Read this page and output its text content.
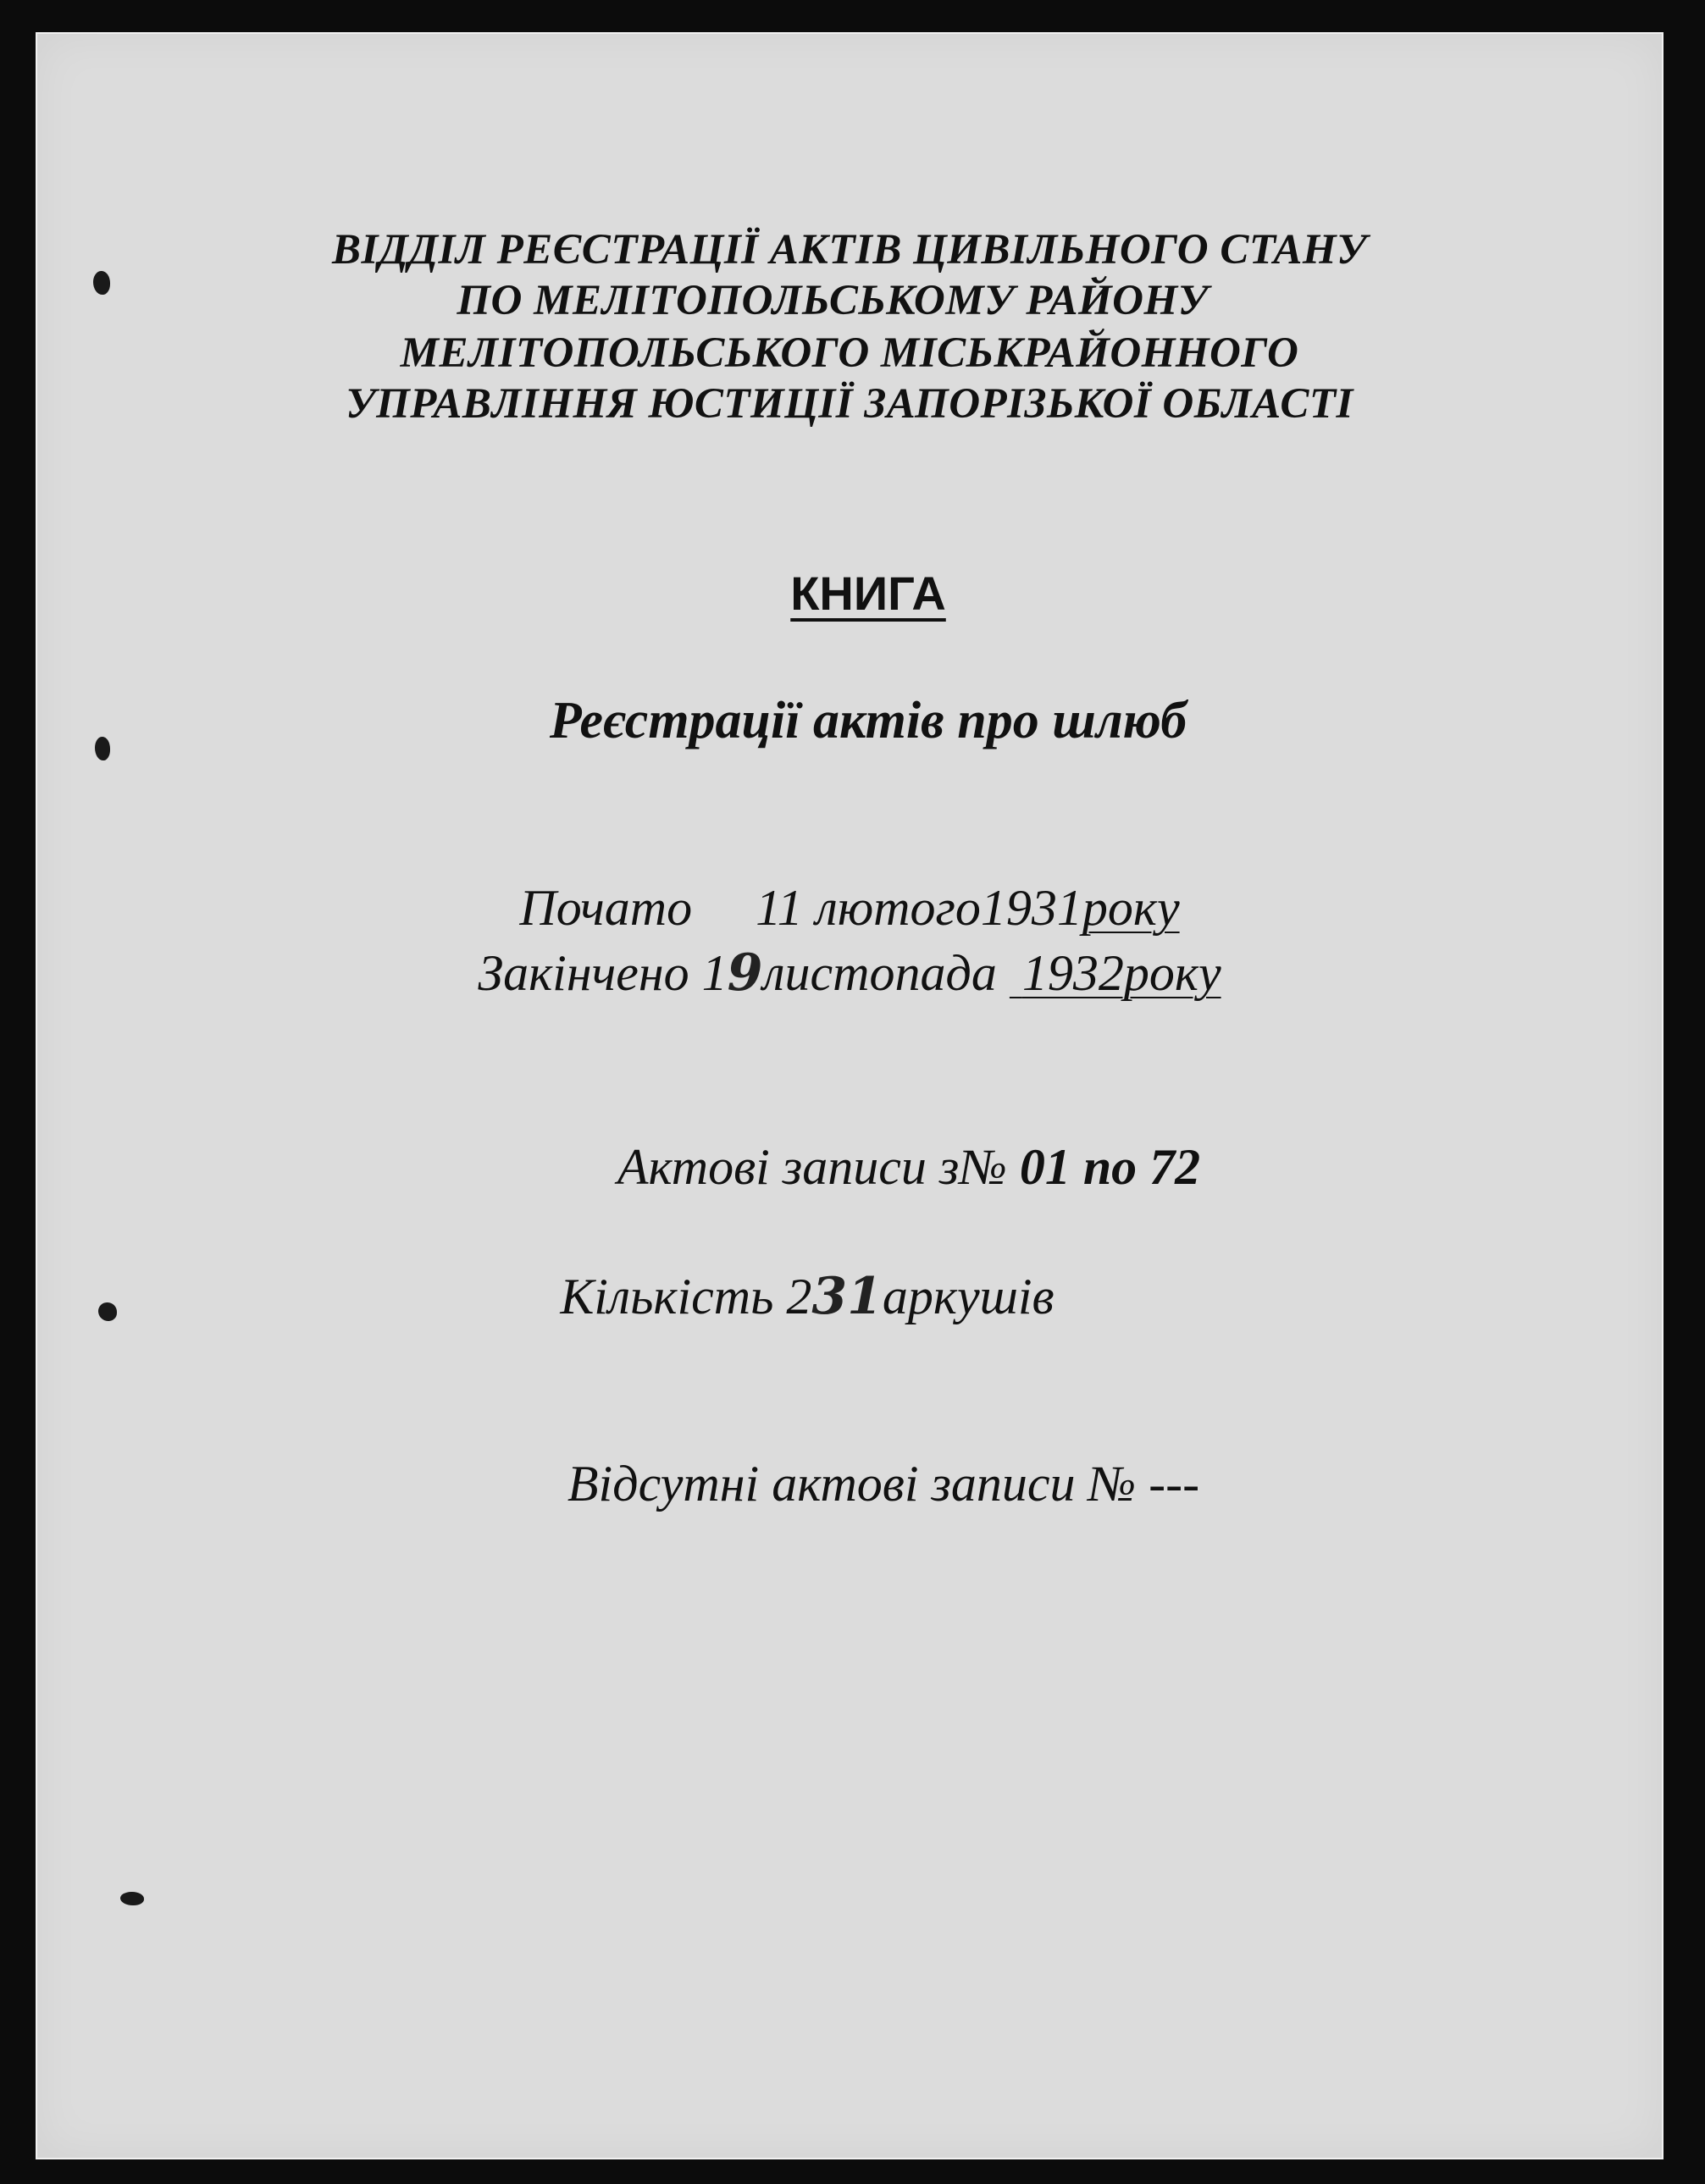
ВІДДІЛ РЕЄСТРАЦІЇ АКТІВ ЦИВІЛЬНОГО СТАНУ
ПО МЕЛІТОПОЛЬСЬКОМУ РАЙОНУ
МЕЛІТОПОЛЬСЬКОГО МІСЬКРАЙОННОГО
УПРАВЛІННЯ ЮСТИЦІЇ ЗАПОРІЗЬКОЇ ОБЛАСТІ
КНИГА
Реєстрації актів про шлюб
Почато 11 лютого1931року
Закінчено 19листопада 1932року
Актові записи з№ 01 по 72
Кількість 231аркушів
Відсутні актові записи № ---
